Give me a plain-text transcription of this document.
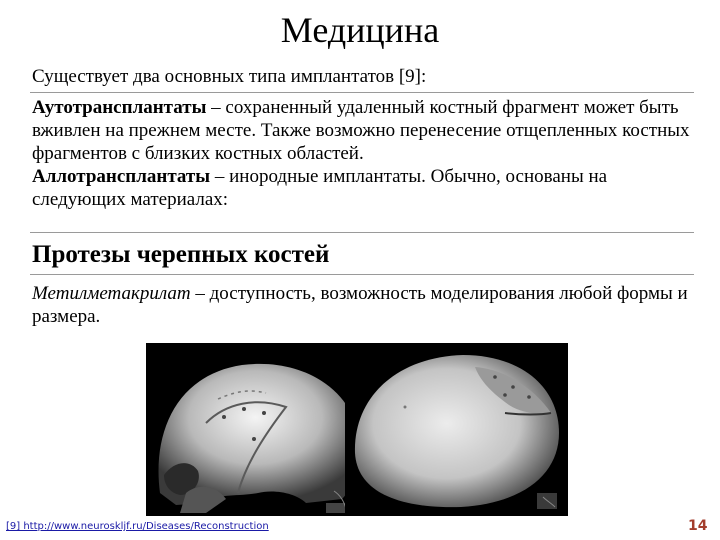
Медицина
Существует два основных типа имплантатов [9]:

Аутотрансплантаты – сохраненный удаленный костный фрагмент может быть вживлен на прежнем месте. Также возможно перенесение отщепленных костных фрагментов с близких костных областей.

Аллотрансплантаты – инородные имплантаты. Обычно, основаны на следующих материалах:

Протезы черепных костей

Метилметакрилат – доступность, возможность моделирования любой формы и размера.

[9] http://www.neuroskljf.ru/Diseases/Reconstruction	14
